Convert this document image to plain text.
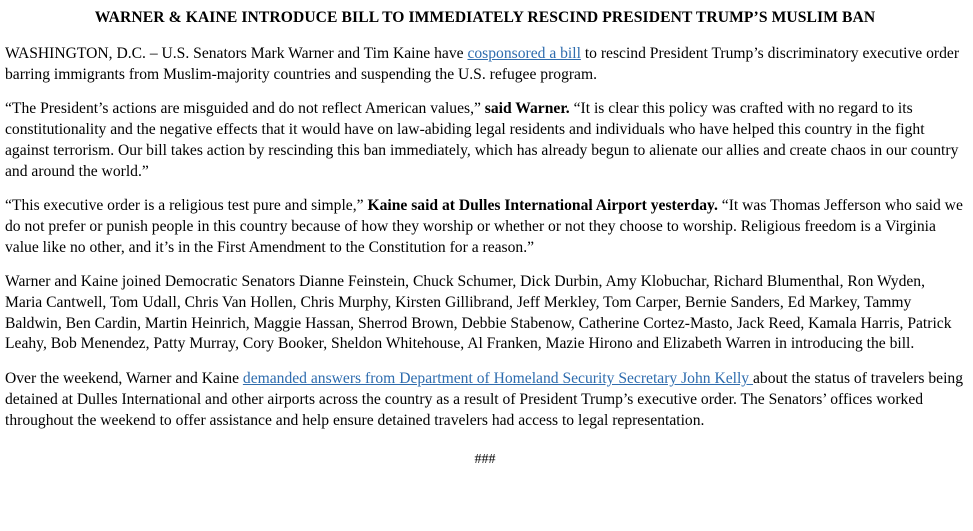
WARNER & KAINE INTRODUCE BILL TO IMMEDIATELY RESCIND PRESIDENT TRUMP’S MUSLIM BAN

WASHINGTON, D.C. – U.S. Senators Mark Warner and Tim Kaine have cosponsored a bill to rescind President Trump’s discriminatory executive order barring immigrants from Muslim-majority countries and suspending the U.S. refugee program.

“The President’s actions are misguided and do not reflect American values,” said Warner. “It is clear this policy was crafted with no regard to its constitutionality and the negative effects that it would have on law-abiding legal residents and individuals who have helped this country in the fight against terrorism. Our bill takes action by rescinding this ban immediately, which has already begun to alienate our allies and create chaos in our country and around the world.”

“This executive order is a religious test pure and simple,” Kaine said at Dulles International Airport yesterday. “It was Thomas Jefferson who said we do not prefer or punish people in this country because of how they worship or whether or not they choose to worship. Religious freedom is a Virginia value like no other, and it’s in the First Amendment to the Constitution for a reason.”

Warner and Kaine joined Democratic Senators Dianne Feinstein, Chuck Schumer, Dick Durbin, Amy Klobuchar, Richard Blumenthal, Ron Wyden, Maria Cantwell, Tom Udall, Chris Van Hollen, Chris Murphy, Kirsten Gillibrand, Jeff Merkley, Tom Carper, Bernie Sanders, Ed Markey, Tammy Baldwin, Ben Cardin, Martin Heinrich, Maggie Hassan, Sherrod Brown, Debbie Stabenow, Catherine Cortez-Masto, Jack Reed, Kamala Harris, Patrick Leahy, Bob Menendez, Patty Murray, Cory Booker, Sheldon Whitehouse, Al Franken, Mazie Hirono and Elizabeth Warren in introducing the bill.

Over the weekend, Warner and Kaine demanded answers from Department of Homeland Security Secretary John Kelly about the status of travelers being detained at Dulles International and other airports across the country as a result of President Trump’s executive order. The Senators’ offices worked throughout the weekend to offer assistance and help ensure detained travelers had access to legal representation.

###
